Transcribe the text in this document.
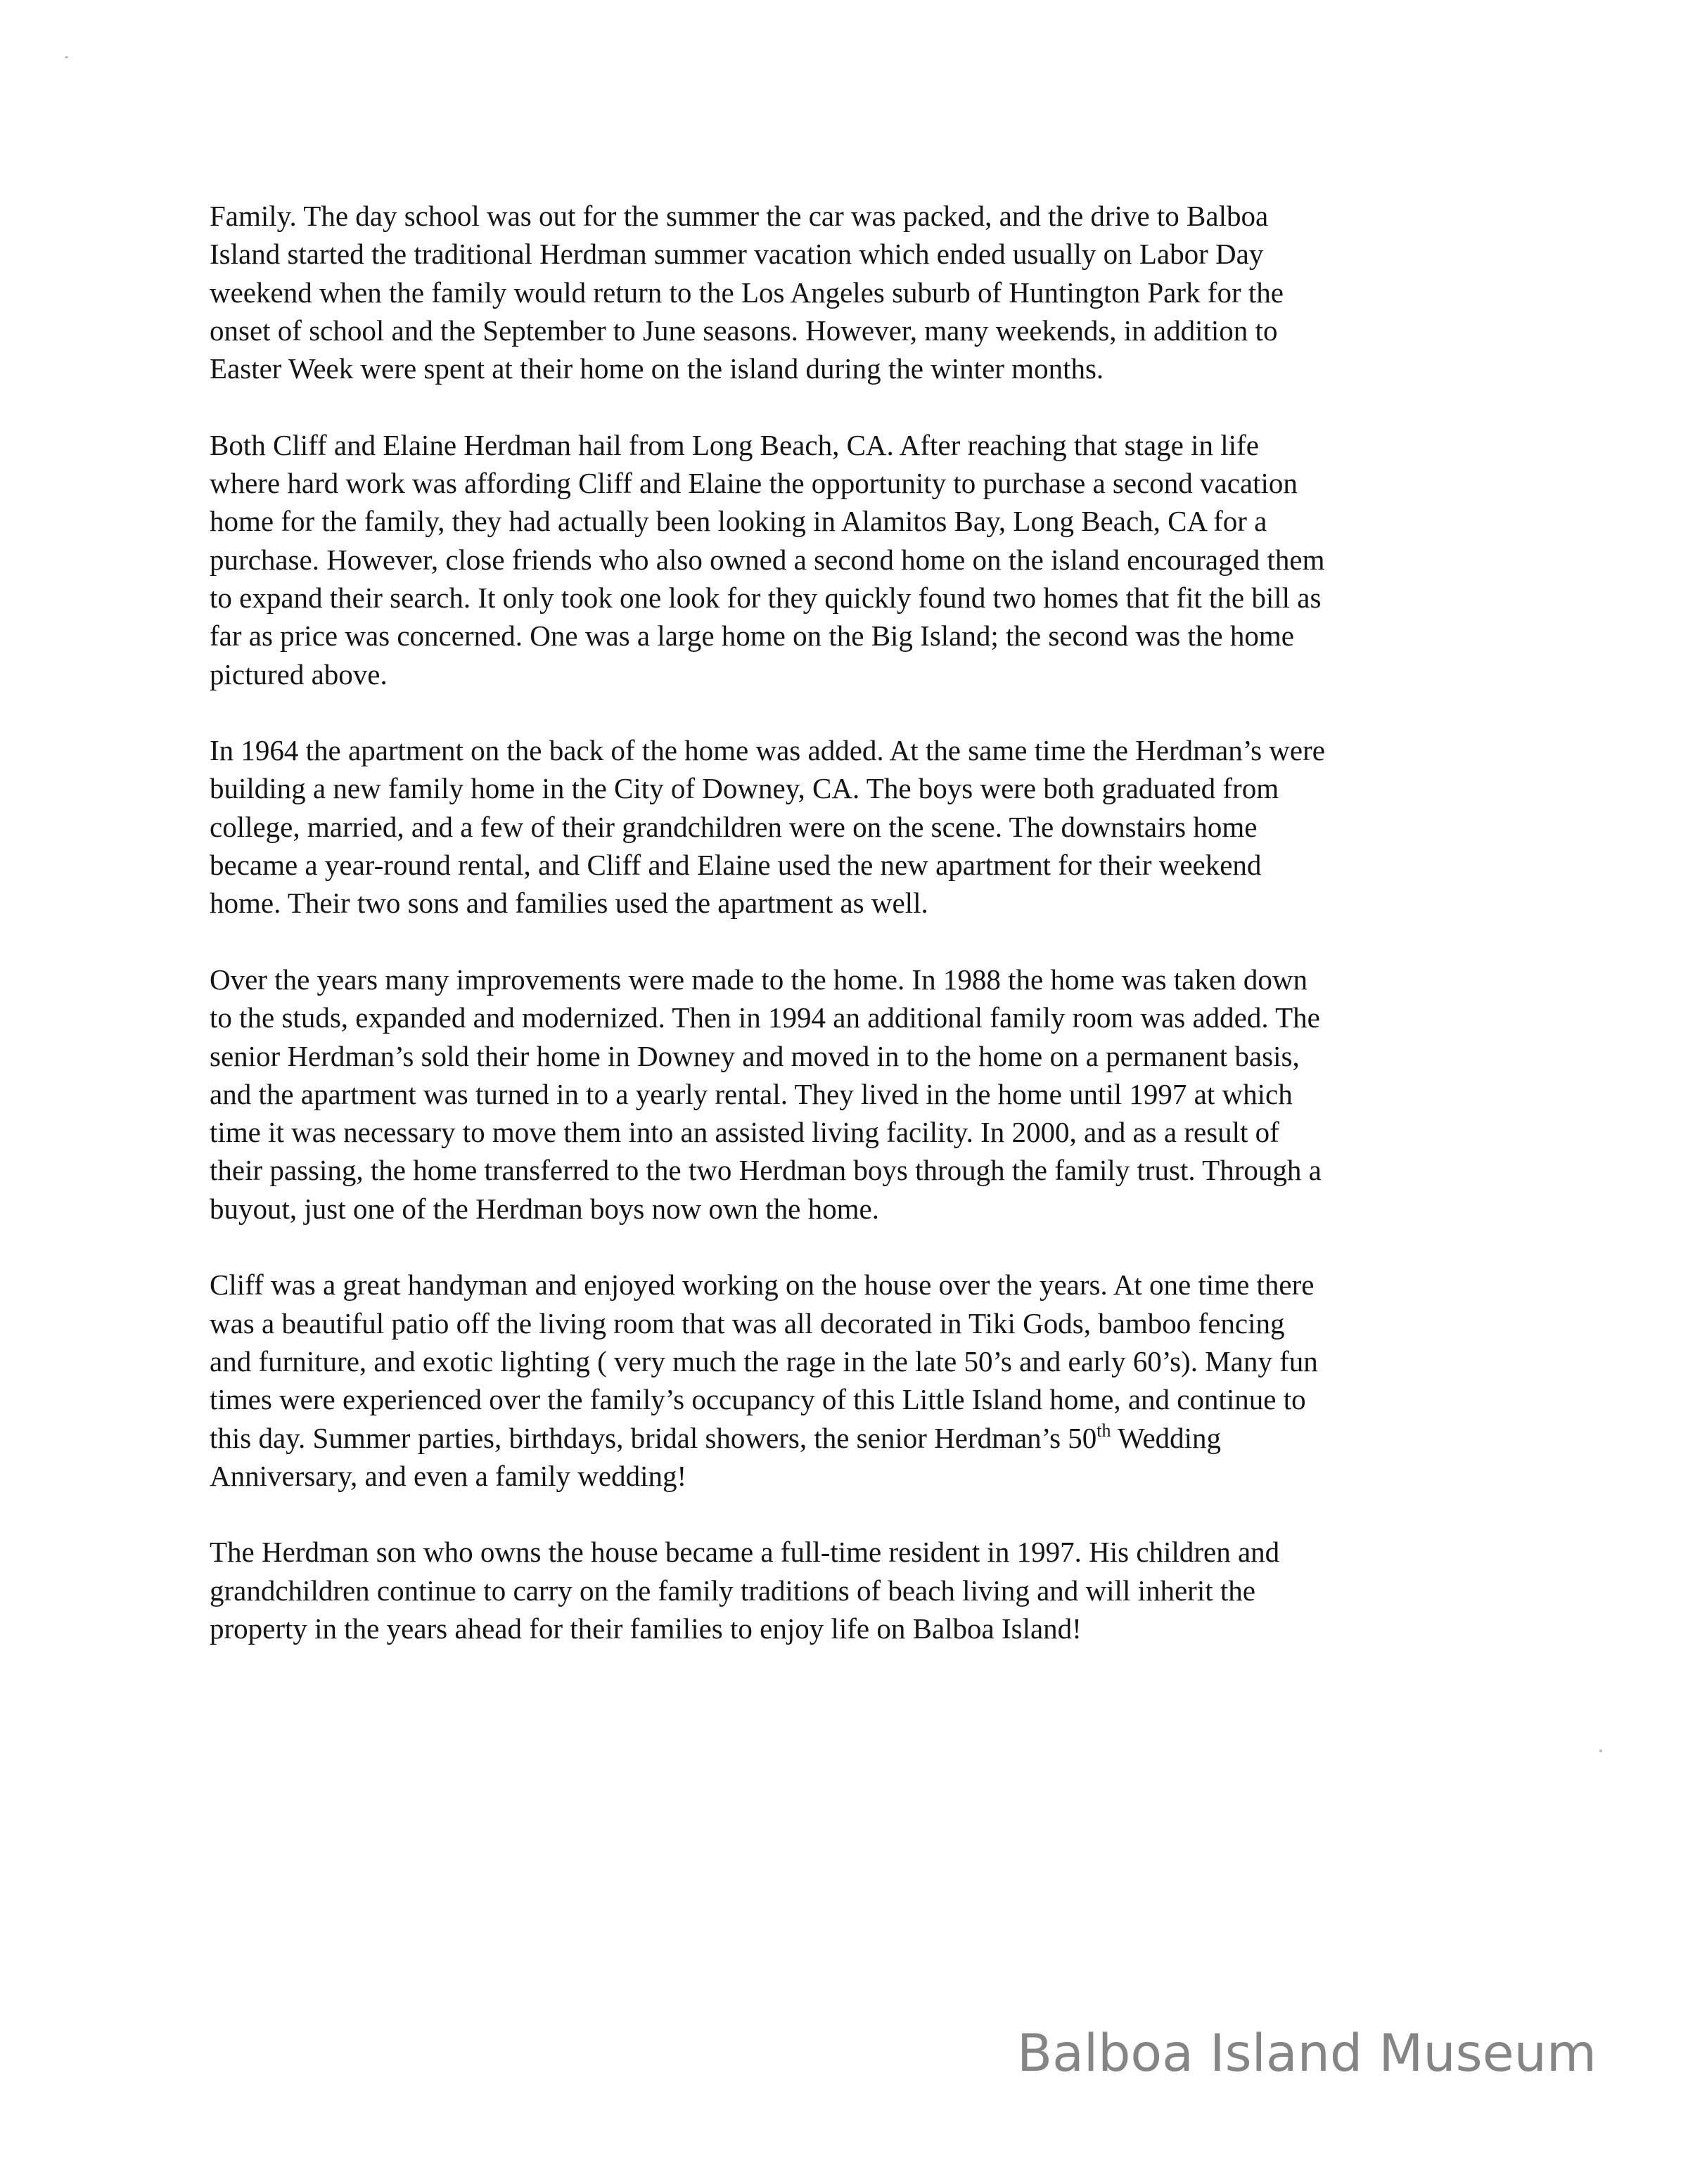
Family. The day school was out for the summer the car was packed, and the drive to Balboa
Island started the traditional Herdman summer vacation which ended usually on Labor Day
weekend when the family would return to the Los Angeles suburb of Huntington Park for the
onset of school and the September to June seasons. However, many weekends, in addition to
Easter Week were spent at their home on the island during the winter months.
Both Cliff and Elaine Herdman hail from Long Beach, CA. After reaching that stage in life
where hard work was affording Cliff and Elaine the opportunity to purchase a second vacation
home for the family, they had actually been looking in Alamitos Bay, Long Beach, CA for a
purchase. However, close friends who also owned a second home on the island encouraged them
to expand their search. It only took one look for they quickly found two homes that fit the bill as
far as price was concerned. One was a large home on the Big Island; the second was the home
pictured above.
In 1964 the apartment on the back of the home was added. At the same time the Herdman’s were
building a new family home in the City of Downey, CA. The boys were both graduated from
college, married, and a few of their grandchildren were on the scene. The downstairs home
became a year-round rental, and Cliff and Elaine used the new apartment for their weekend
home. Their two sons and families used the apartment as well.
Over the years many improvements were made to the home. In 1988 the home was taken down
to the studs, expanded and modernized. Then in 1994 an additional family room was added. The
senior Herdman’s sold their home in Downey and moved in to the home on a permanent basis,
and the apartment was turned in to a yearly rental. They lived in the home until 1997 at which
time it was necessary to move them into an assisted living facility. In 2000, and as a result of
their passing, the home transferred to the two Herdman boys through the family trust. Through a
buyout, just one of the Herdman boys now own the home.
Cliff was a great handyman and enjoyed working on the house over the years. At one time there
was a beautiful patio off the living room that was all decorated in Tiki Gods, bamboo fencing
and furniture, and exotic lighting ( very much the rage in the late 50’s and early 60’s). Many fun
times were experienced over the family’s occupancy of this Little Island home, and continue to
this day. Summer parties, birthdays, bridal showers, the senior Herdman’s 50th Wedding
Anniversary, and even a family wedding!
The Herdman son who owns the house became a full-time resident in 1997. His children and
grandchildren continue to carry on the family traditions of beach living and will inherit the
property in the years ahead for their families to enjoy life on Balboa Island!
Balboa Island Museum
